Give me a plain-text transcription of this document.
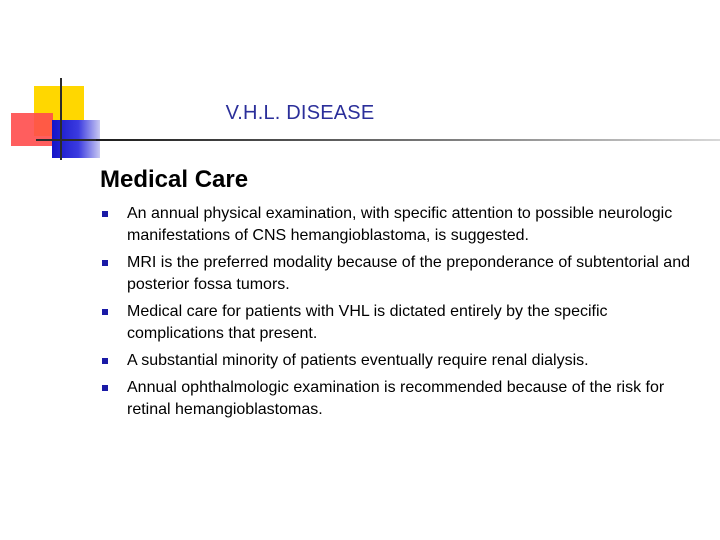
V.H.L. DISEASE
Medical Care
An annual physical examination, with specific attention to possible neurologic manifestations of CNS hemangioblastoma, is suggested.
MRI is the preferred modality because of the preponderance of subtentorial and posterior fossa tumors.
Medical care for patients with VHL is dictated entirely by the specific complications that present.
A substantial minority of patients eventually require renal dialysis.
Annual ophthalmologic examination is recommended because of the risk for retinal hemangioblastomas.
